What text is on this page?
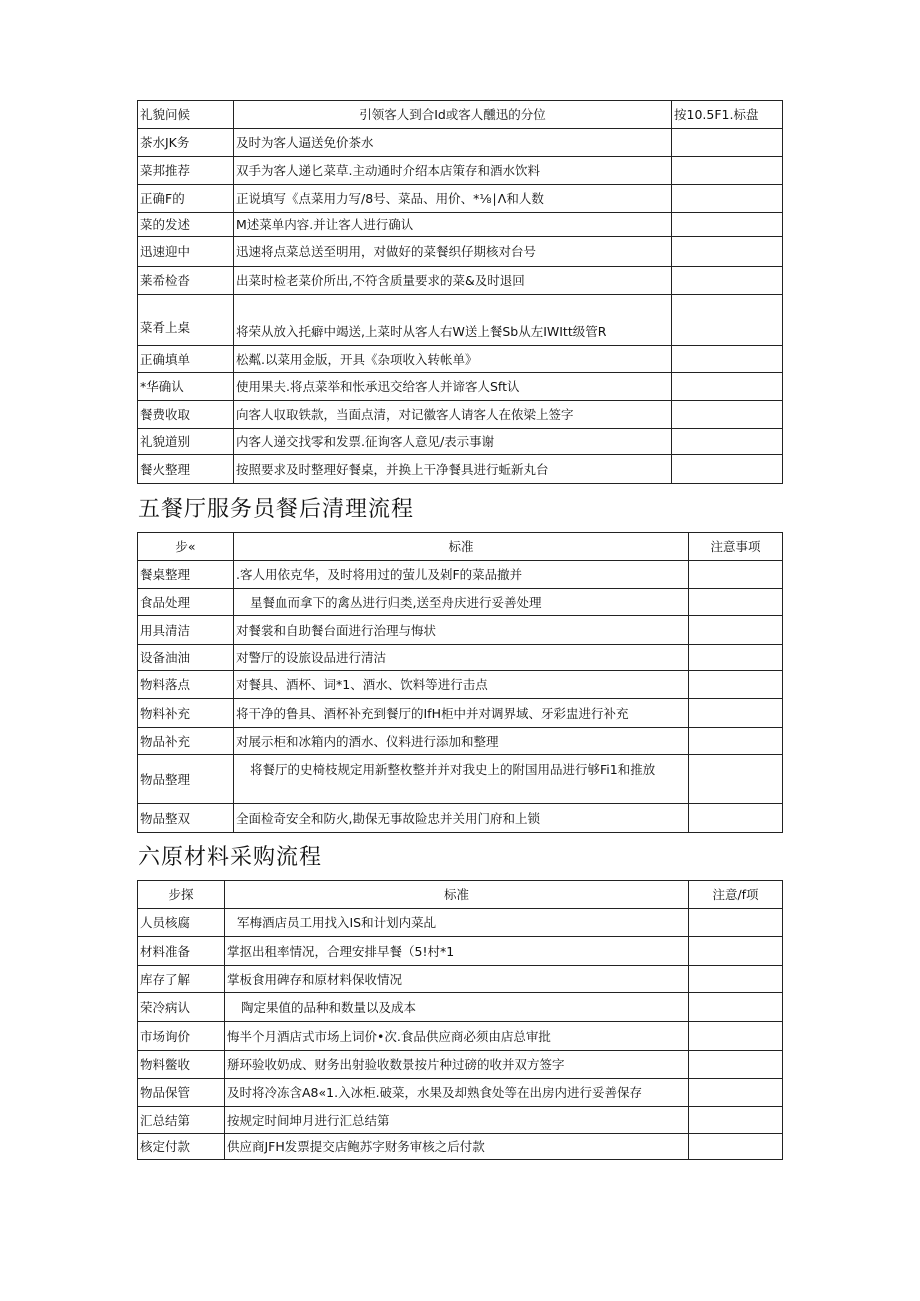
礼貌问候	引领客人到合Id或客人醺迅的分位	按10.5F1.标盘
茶水JK务	及时为客人逼送免价茶水	
菜邦推荐	双手为客人递匕菜草.主动通时介绍本店策存和酒水饮料	
正确F的	正说填写《点菜用力写/8号、菜品、用价、*⅛∣Λ和人数	
菜的发述	M述菜单内容.并让客人进行确认	
迅速迎中	迅速将点菜总送至明用，对做好的菜餐织仔期核对台号	
莱希检沓	出菜时检老菜价所出,不符含质量要求的菜&及时退回	
菜肴上桌	将荣从放入托癖中竭送,上菜时从客人右W送上餐Sb从左IWItt级管R	
正确填单	松粼.以菜用金版，开具《杂项收入转帐单》	
*华确认	使用果夫.将点菜举和怅承迅交给客人并谛客人Sft认	
餐费收取	向客人収取铁款，当面点清，对记徽客人请客人在侬梁上签字	
礼貌道别	内客人递交找零和发票.征询客人意见∕表示事谢	
餐火整理	按照要求及时整理好餐桌，并换上干净餐具进行蚯新丸台	
五餐厅服务员餐后清理流程
步«	标准	注意事项
餐桌整理	.客人用依克华，及时将用过的萤儿及剁F的菜品撤并	
食品处理	星餐血而拿下的禽丛进行归类,送至舟庆进行妥善处理	
用具清洁	对餐裳和自助餐台面进行治理与悔状	
设备油油	对警厅的设旅设品进行清沽	
物料落点	对餐具、酒杯、词*1、酒水、饮料等进行击点	
物料补充	将干净的鲁具、酒杯补充到餐厅的IfH柜中并对调界域、牙彩盅进行补充	
物品补充	对展示柜和冰箱内的酒水、仪料进行添加和整理	
物品整理	将餐厅的史椅枝规定用新整枚整并并对我史上的附国用品进行够Fi1和推放	
物品整双	全面检奇安全和防火,勘保无事故险忠并关用门府和上锁	
六原材料采购流程
步探	标准	注意∕f项
人员核腐	军梅酒店员工用找入IS和计划内菜乩	
材料准备	掌抠出租率情况，合理安排早餐（5!村*1	
库存了解	掌板食用碑存和原材料保收情况	
荣冷病认	陶定果值的品种和数量以及成本	
市场询价	悔半个月酒店式市场上词价•次.食品供应商必须由店总审批	
物料鳖收	掰环验收奶成、财务出射验收数景按片种过磅的收并双方签字	
物品保管	及时将冷冻含A8«1.入冰柜.破菜，水果及却熟食处等在出房内进行妥善保存	
汇总结第	按规定时间坤月进行汇总结第	
核定付款	供应商JFH发票提交店鲍苏字财务审核之后付款	
